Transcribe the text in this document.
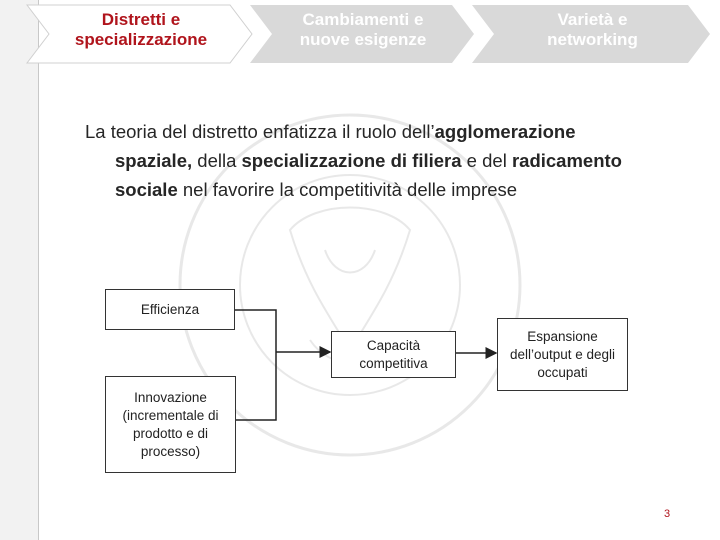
Distretti e
specializzazione
Cambiamenti e
nuove esigenze
Varietà e
networking
La teoria del distretto enfatizza il ruolo dell’agglomerazione
spaziale, della specializzazione di filiera e del radicamento
sociale nel favorire la competitività delle imprese
Efficienza
Innovazione (incrementale di prodotto e di processo)
Capacità competitiva
Espansione dell’output e degli occupati
3
